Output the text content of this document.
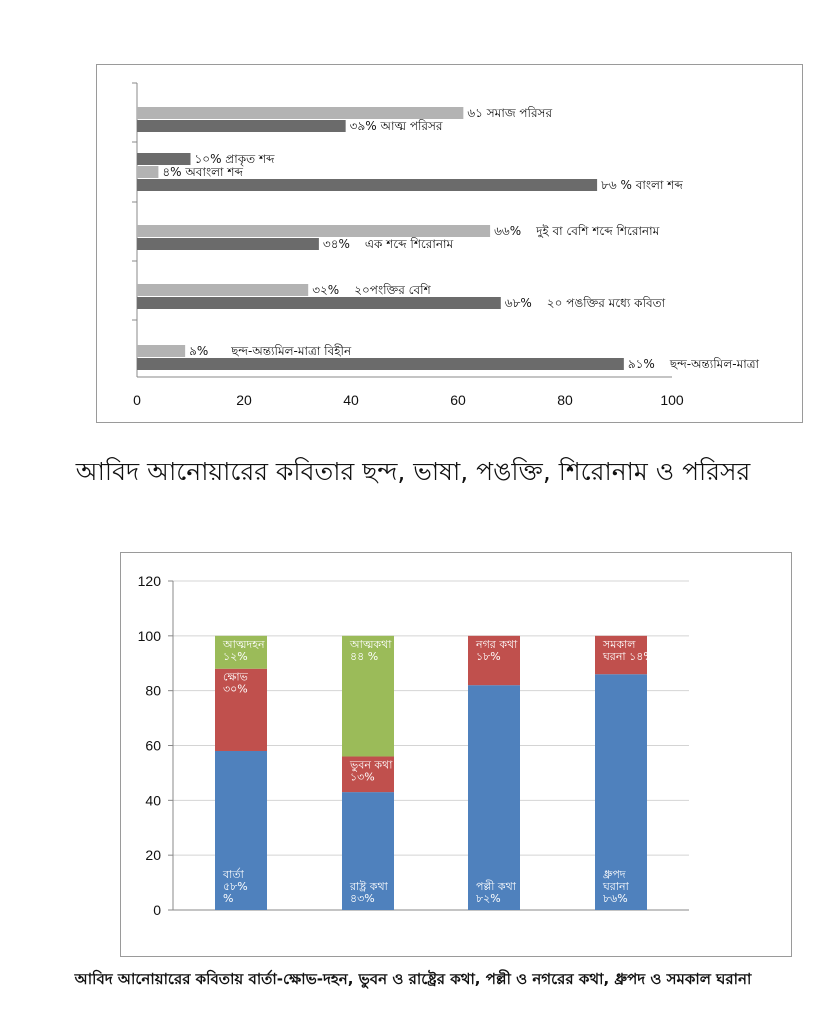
0	20	40	60	80	100
৬১ সমাজ পরিসর
৩৯% আত্ম পরিসর
১০% প্রাকৃত শব্দ
৪% অবাংলা শব্দ
৮৬ % বাংলা শব্দ
৬৬% দুই বা বেশি শব্দে শিরোনাম
৩৪% এক শব্দে শিরোনাম
৩২% ২০পংক্তির বেশি
৬৮% ২০ পঙক্তির মধ্যে কবিতা
৯% ছন্দ-অন্ত্যমিল-মাত্রা বিহীন
৯১% ছন্দ-অন্ত্যমিল-মাত্রা
আবিদ আনোয়ারের কবিতার ছন্দ, ভাষা, পঙক্তি, শিরোনাম ও পরিসর
0
20
40
60
80
100
120
বার্তা
৫৮%
%
ক্ষোভ
৩০%
আত্মদহন
১২%
রাষ্ট্র কথা
৪৩%
ভুবন কথা
১৩%
আত্মকথা
৪৪ %
পল্লী কথা
৮২%
নগর কথা
১৮%
ধ্রুপদ
ঘরানা
৮৬%
সমকাল
ঘরনা ১৪%
আবিদ আনোয়ারের কবিতায় বার্তা-ক্ষোভ-দহন, ভুবন ও রাষ্ট্রের কথা, পল্লী ও নগরের কথা, ধ্রুপদ ও সমকাল ঘরানা
